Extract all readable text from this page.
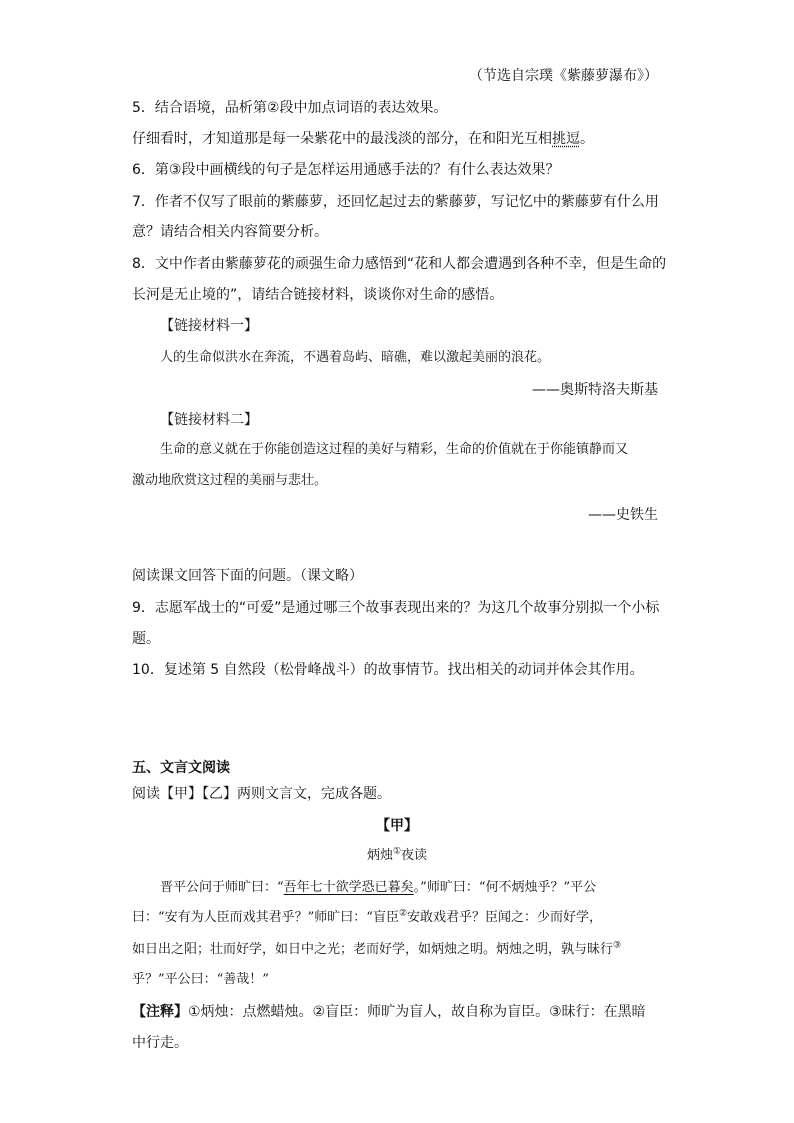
（节选自宗璞《紫藤萝瀑布》）
5．结合语境，品析第②段中加点词语的表达效果。
仔细看时，才知道那是每一朵紫花中的最浅淡的部分，在和阳光互相挑逗。
6．第③段中画横线的句子是怎样运用通感手法的？有什么表达效果？
7．作者不仅写了眼前的紫藤萝，还回忆起过去的紫藤萝，写记忆中的紫藤萝有什么用
意？请结合相关内容简要分析。
8．文中作者由紫藤萝花的顽强生命力感悟到“花和人都会遭遇到各种不幸，但是生命的
长河是无止境的”，请结合链接材料，谈谈你对生命的感悟。
【链接材料一】
人的生命似洪水在奔流，不遇着岛屿、暗礁，难以激起美丽的浪花。
——奥斯特洛夫斯基
【链接材料二】
生命的意义就在于你能创造这过程的美好与精彩，生命的价值就在于你能镇静而又
激动地欣赏这过程的美丽与悲壮。
——史铁生
阅读课文回答下面的问题。（课文略）
9．志愿军战士的“可爱”是通过哪三个故事表现出来的？为这几个故事分别拟一个小标
题。
10．复述第 5 自然段（松骨峰战斗）的故事情节。找出相关的动词并体会其作用。
五、文言文阅读
阅读【甲】【乙】两则文言文，完成各题。
【甲】
炳烛①夜读
晋平公问于师旷曰：“吾年七十欲学恐已暮矣。”师旷曰：“何不炳烛乎？”平公
曰：“安有为人臣而戏其君乎？”师旷曰：“盲臣②安敢戏君乎？臣闻之：少而好学，
如日出之阳；壮而好学，如日中之光；老而好学，如炳烛之明。炳烛之明，孰与昧行③
乎？”平公曰：“善哉！”
【注释】①炳烛：点燃蜡烛。②盲臣：师旷为盲人，故自称为盲臣。③昧行：在黑暗
中行走。
